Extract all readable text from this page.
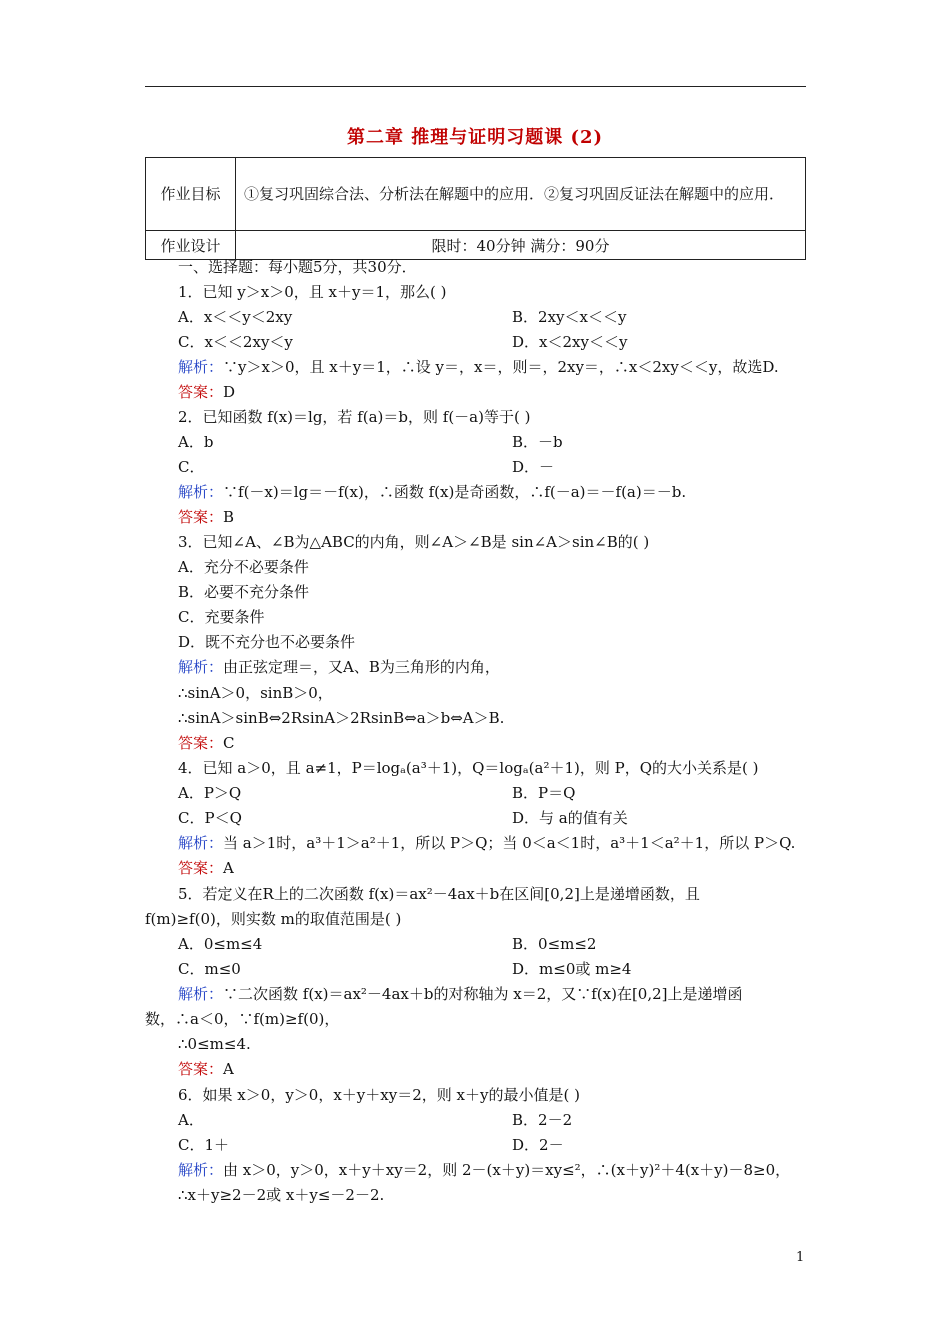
第二章 推理与证明习题课 (2)
作业目标	①复习巩固综合法、分析法在解题中的应用．②复习巩固反证法在解题中的应用．
作业设计	限时：40分钟 满分：90分
一、选择题：每小题5分，共30分．
1．已知 y＞x＞0，且 x＋y＝1，那么( )
A．x＜＜y＜2xy	B．2xy＜x＜＜y
C．x＜＜2xy＜y	D．x＜2xy＜＜y
解析：∵y＞x＞0，且 x＋y＝1，∴设 y＝，x＝，则＝，2xy＝，∴x＜2xy＜＜y，故选D.
答案：D
2．已知函数 f(x)＝lg，若 f(a)＝b，则 f(－a)等于( )
A．b	B．－b
C．	D．－
解析：∵f(－x)＝lg＝－f(x)，∴函数 f(x)是奇函数，∴f(－a)＝－f(a)＝－b.
答案：B
3．已知∠A、∠B为△ABC的内角，则∠A＞∠B是 sin∠A＞sin∠B的( )
A．充分不必要条件
B．必要不充分条件
C．充要条件
D．既不充分也不必要条件
解析：由正弦定理＝，又A、B为三角形的内角，
∴sinA＞0，sinB＞0，
∴sinA＞sinB⇔2RsinA＞2RsinB⇔a＞b⇔A＞B.
答案：C
4．已知 a＞0，且 a≠1，P＝logₐ(a³＋1)，Q＝logₐ(a²＋1)，则 P，Q的大小关系是( )
A．P＞Q	B．P＝Q
C．P＜Q	D．与 a的值有关
解析：当 a＞1时，a³＋1＞a²＋1，所以 P＞Q；当 0＜a＜1时，a³＋1＜a²＋1，所以 P＞Q.
答案：A
5．若定义在R上的二次函数 f(x)＝ax²－4ax＋b在区间[0,2]上是递增函数，且
f(m)≥f(0)，则实数 m的取值范围是( )
A．0≤m≤4	B．0≤m≤2
C．m≤0	D．m≤0或 m≥4
解析：∵二次函数 f(x)＝ax²－4ax＋b的对称轴为 x＝2，又∵f(x)在[0,2]上是递增函
数，∴a＜0，∵f(m)≥f(0)，
∴0≤m≤4.
答案：A
6．如果 x＞0，y＞0，x＋y＋xy＝2，则 x＋y的最小值是( )
A．	B．2－2
C．1＋	D．2－
解析：由 x＞0，y＞0，x＋y＋xy＝2，则 2－(x＋y)＝xy≤²，∴(x＋y)²＋4(x＋y)－8≥0，
∴x＋y≥2－2或 x＋y≤－2－2.
1
